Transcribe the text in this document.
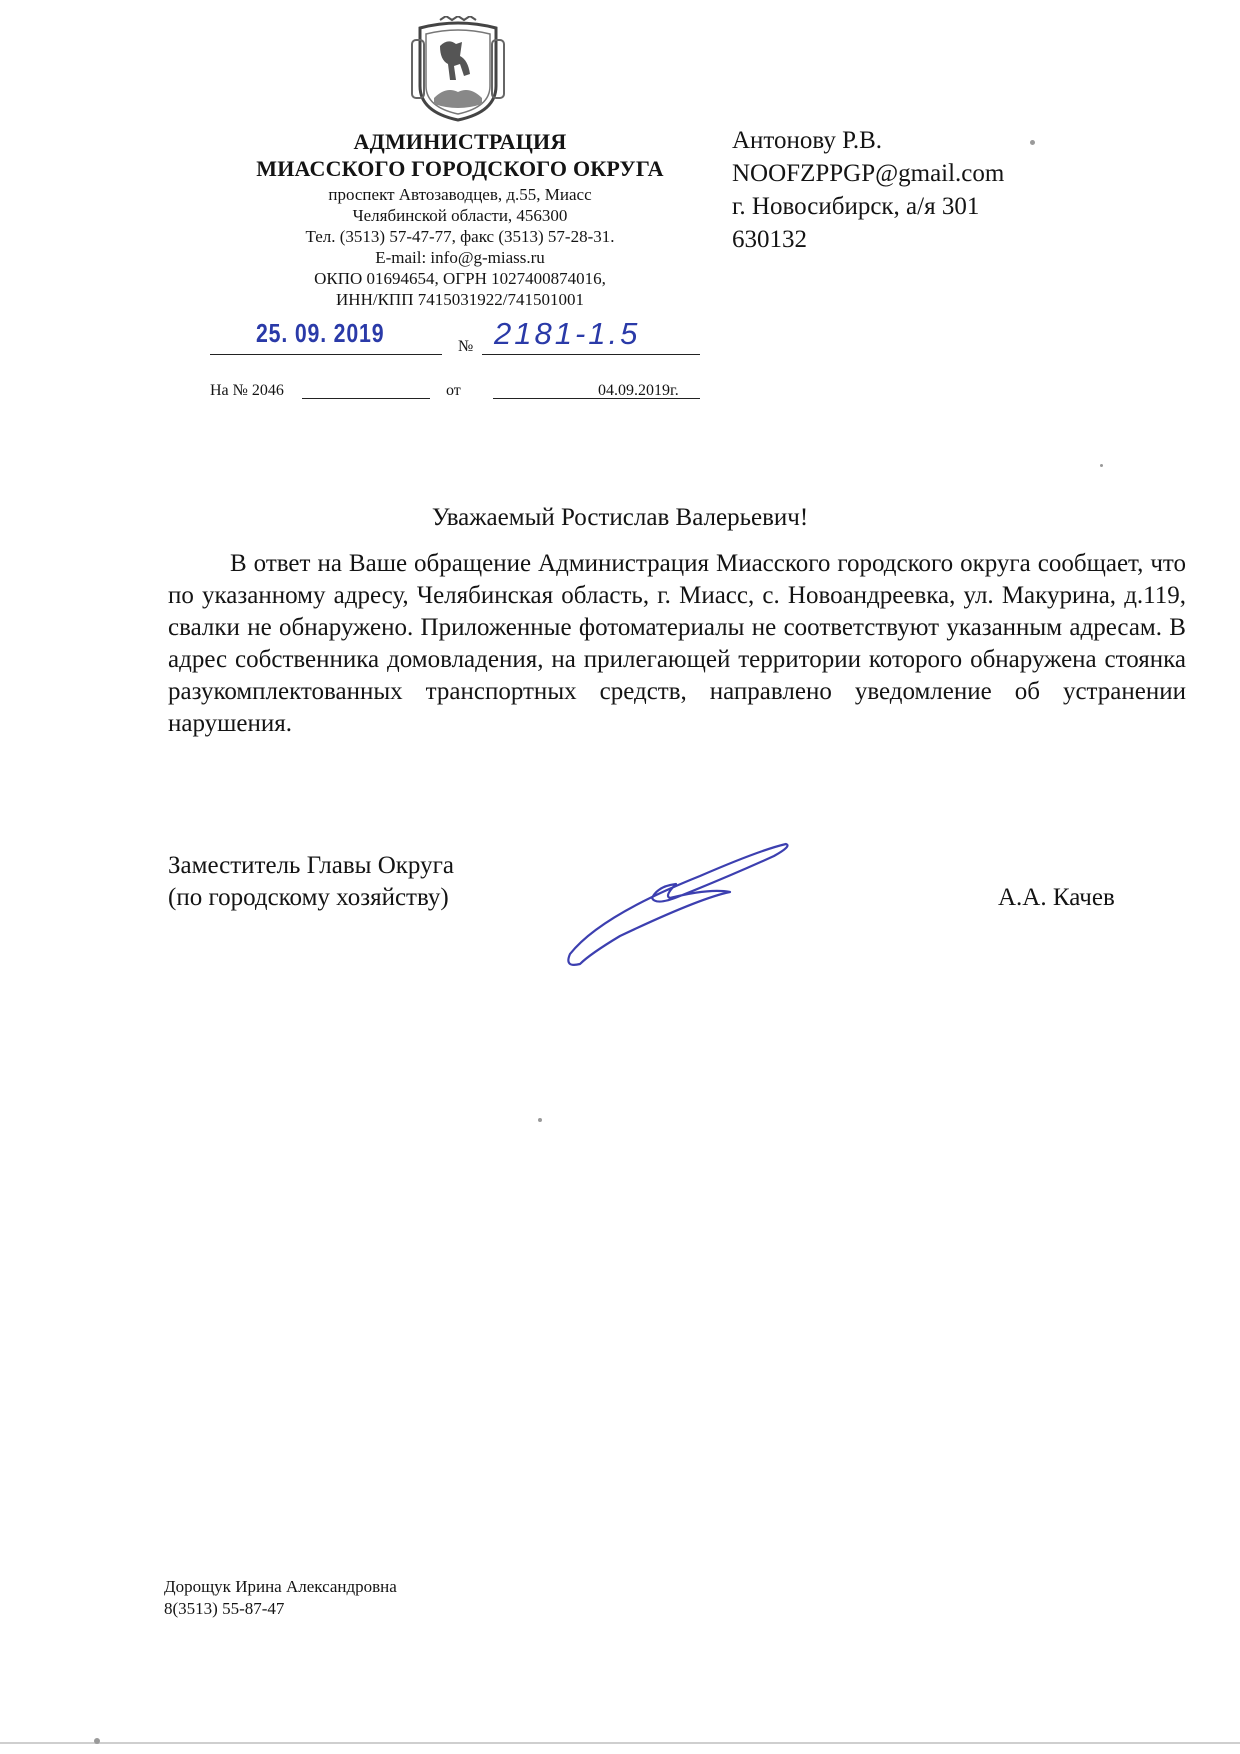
АДМИНИСТРАЦИЯ

МИАССКОГО ГОРОДСКОГО ОКРУГА

проспект Автозаводцев, д.55, Миасс

Челябинской области, 456300

Тел. (3513) 57-47-77, факс (3513) 57-28-31.

E-mail: info@g-miass.ru

ОКПО 01694654, ОГРН 1027400874016,

ИНН/КПП 7415031922/741501001

Антонову Р.В.

NOOFZPPGP@gmail.com

г. Новосибирск, а/я 301

630132

25. 09. 2019	№ 2181-1.5
На № 2046	от	04.09.2019г.
Уважаемый Ростислав Валерьевич!

В ответ на Ваше обращение Администрация Миасского городского округа сообщает, что по указанному адресу, Челябинская область, г. Миасс, с. Новоандреевка, ул. Макурина, д.119, свалки не обнаружено. Приложенные фотоматериалы не соответствуют указанным адресам. В адрес собственника домовладения, на прилегающей территории которого обнаружена стоянка разукомплектованных транспортных средств, направлено уведомление об устранении нарушения.

Заместитель Главы Округа

(по городскому хозяйству)	А.А. Качев

Дорощук Ирина Александровна

8(3513) 55-87-47
